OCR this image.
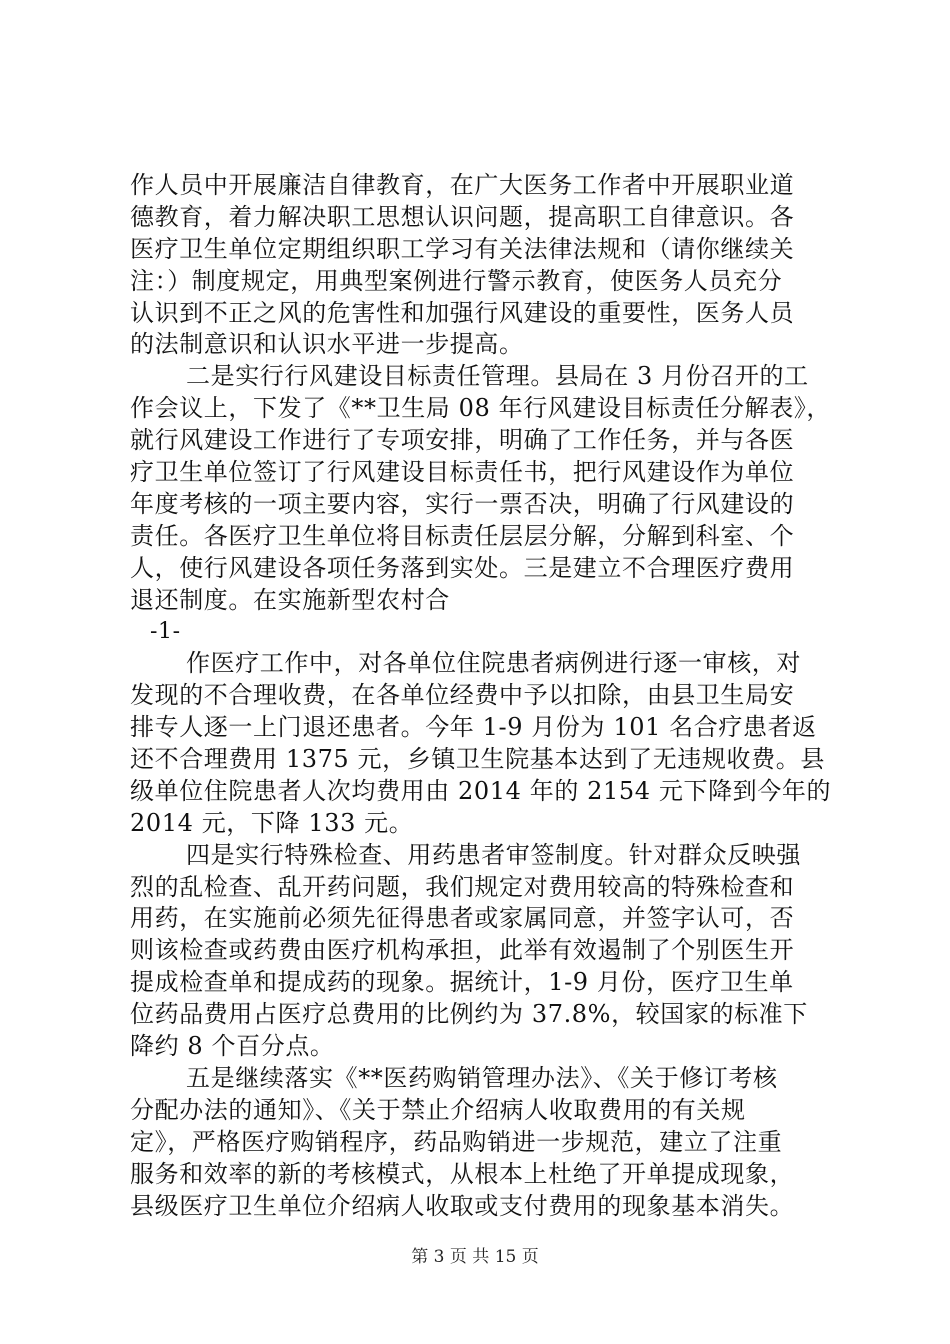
作人员中开展廉洁自律教育，在广大医务工作者中开展职业道
德教育，着力解决职工思想认识问题，提高职工自律意识。各
医疗卫生单位定期组织职工学习有关法律法规和（请你继续关
注：）制度规定，用典型案例进行警示教育，使医务人员充分
认识到不正之风的危害性和加强行风建设的重要性，医务人员
的法制意识和认识水平进一步提高。
二是实行行风建设目标责任管理。县局在 3 月份召开的工
作会议上，下发了《**卫生局 08 年行风建设目标责任分解表》，
就行风建设工作进行了专项安排，明确了工作任务，并与各医
疗卫生单位签订了行风建设目标责任书，把行风建设作为单位
年度考核的一项主要内容，实行一票否决，明确了行风建设的
责任。各医疗卫生单位将目标责任层层分解，分解到科室、个
人，使行风建设各项任务落到实处。三是建立不合理医疗费用
退还制度。在实施新型农村合
-1-
作医疗工作中，对各单位住院患者病例进行逐一审核，对
发现的不合理收费，在各单位经费中予以扣除，由县卫生局安
排专人逐一上门退还患者。今年 1-9 月份为 101 名合疗患者返
还不合理费用 1375 元，乡镇卫生院基本达到了无违规收费。县
级单位住院患者人次均费用由 2014 年的 2154 元下降到今年的
2014 元，下降 133 元。
四是实行特殊检查、用药患者审签制度。针对群众反映强
烈的乱检查、乱开药问题，我们规定对费用较高的特殊检查和
用药，在实施前必须先征得患者或家属同意，并签字认可，否
则该检查或药费由医疗机构承担，此举有效遏制了个别医生开
提成检查单和提成药的现象。据统计，1-9 月份，医疗卫生单
位药品费用占医疗总费用的比例约为 37.8%，较国家的标准下
降约 8 个百分点。
五是继续落实《**医药购销管理办法》、《关于修订考核
分配办法的通知》、《关于禁止介绍病人收取费用的有关规
定》，严格医疗购销程序，药品购销进一步规范，建立了注重
服务和效率的新的考核模式，从根本上杜绝了开单提成现象，
县级医疗卫生单位介绍病人收取或支付费用的现象基本消失。
第 3 页 共 15 页
